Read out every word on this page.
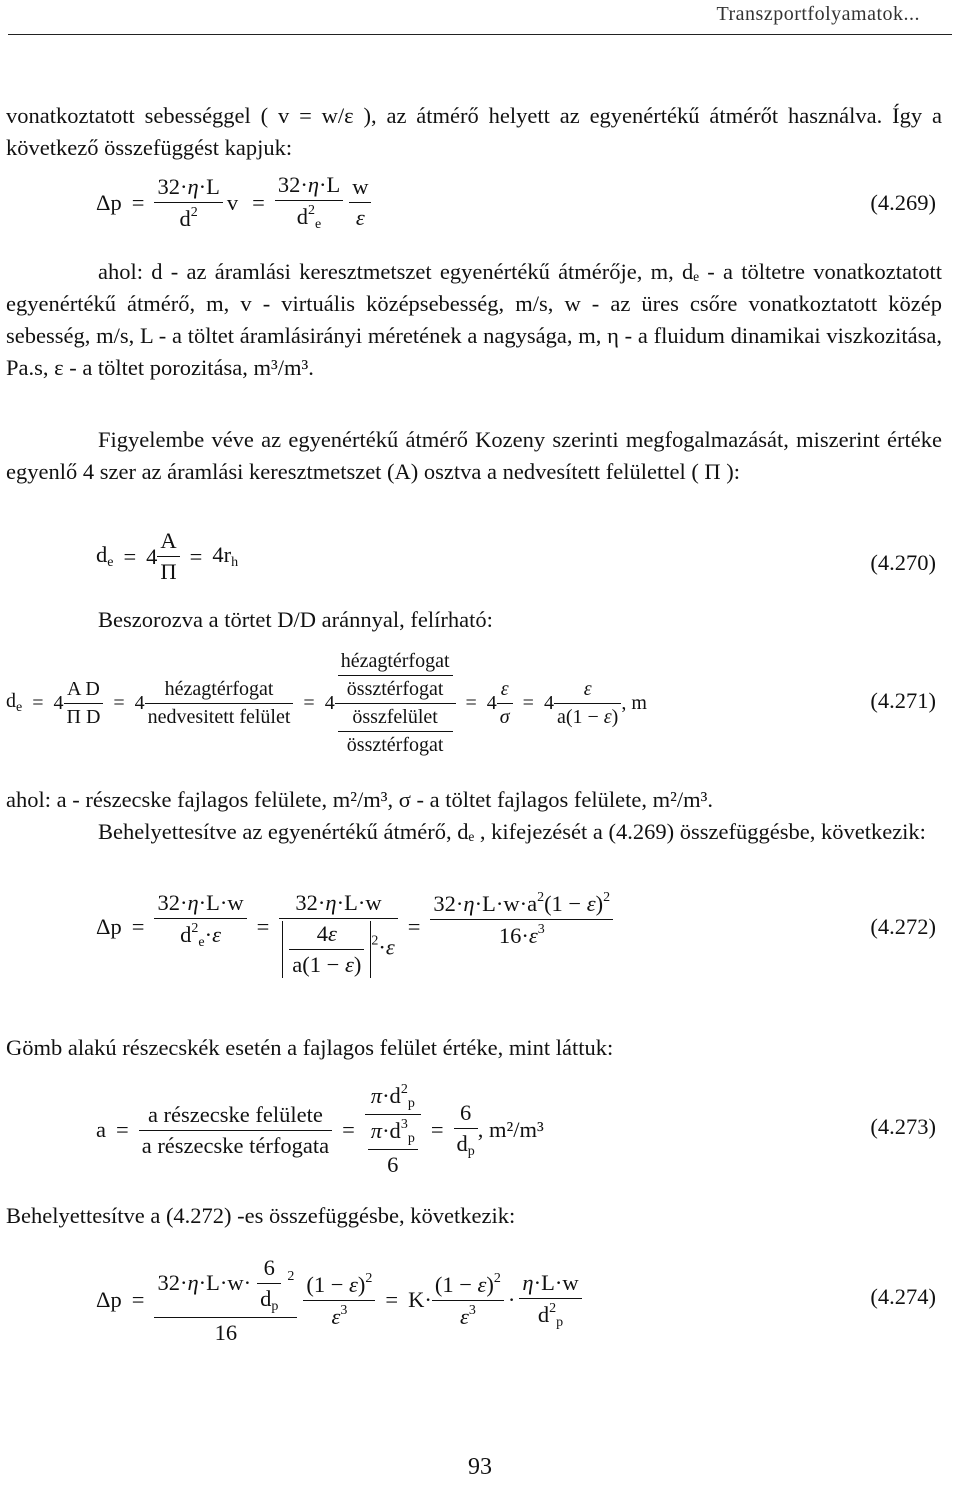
Transzportfolyamatok...

vonatkoztatott sebességgel ( v = w/ε ), az átmérő helyett az egyenértékű átmérőt használva. Így a következő összefüggést kapjuk:

$\Delta p = \frac{32\cdot\eta\cdot L}{d^2}$ $v = \frac{32\cdot\eta\cdot L}{d^2_e} \frac{w}{\varepsilon}$	(4.269)

ahol: d - az áramlási keresztmetszet egyenértékű átmérője, m, dₑ - a töltetre vonatkoztatott egyenértékű átmérő, m, v - virtuális középsebesség, m/s, w - az üres csőre vonatkoztatott közép sebesség, m/s, L - a töltet áramlásirányi méretének a nagysága, m, η - a fluidum dinamikai viszkozitása, Pa.s, ε - a töltet porozitása, m³/m³.

Figyelembe véve az egyenértékű átmérő Kozeny szerinti megfogalmazását, miszerint értéke egyenlő 4 szer az áramlási keresztmetszet (A) osztva a nedvesített felülettel ( Π ):

$d_e = 4 \frac{A}{\Pi} = 4r_h$	(4.270)

Beszorozva a törtet D/D aránnyal, felírható:

$d_e = 4 \frac{\text{A D}}{\text{Π D}} = 4 \frac{\text{hézagtérfogat}}{\text{nedvesitett felület}} = 4$ hézagtérfogat
össztérfogat
összfelület
össztérfogat = $4 \frac{\varepsilon}{\sigma} = 4 \frac{\varepsilon}{a(1 - \varepsilon)}$ , m	(4.271)

ahol: a - részecske fajlagos felülete, m²/m³, σ - a töltet fajlagos felülete, m²/m³.

Behelyettesítve az egyenértékű átmérő, dₑ , kifejezését a (4.269) összefüggésbe, következik:

$\Delta p = \frac{32\cdot\eta\cdot L\cdot w}{d^2_e\cdot\varepsilon} = \frac{32\cdot\eta\cdot L\cdot w}{\frac{4\varepsilon}{a(1 - \varepsilon)} ^2\cdot\varepsilon} = \frac{32\cdot\eta\cdot L\cdot w\cdot a^2(1 - \varepsilon)^2}{16\cdot\varepsilon^3}$	(4.272)

Gömb alakú részecskék esetén a fajlagos felület értéke, mint láttuk:

$a = \frac{\text{a részecske felülete}}{\text{a részecske térfogata}} = \pi\cdot d^2_p$
$\pi\cdot d^3_p$
$6 = \frac{6}{d_p}$ , m²/m³	(4.273)

Behelyettesítve a (4.272) -es összefüggésbe, következik:

$\Delta p = \frac{32\cdot\eta\cdot L\cdot w\cdot \frac{6}{d_p} ^2}{16} \frac{(1 - \varepsilon)^2}{\varepsilon^3} = K\cdot \frac{(1 - \varepsilon)^2}{\varepsilon^3} \cdot \frac{\eta\cdot L\cdot w}{d^2_p}$	(4.274)
93
